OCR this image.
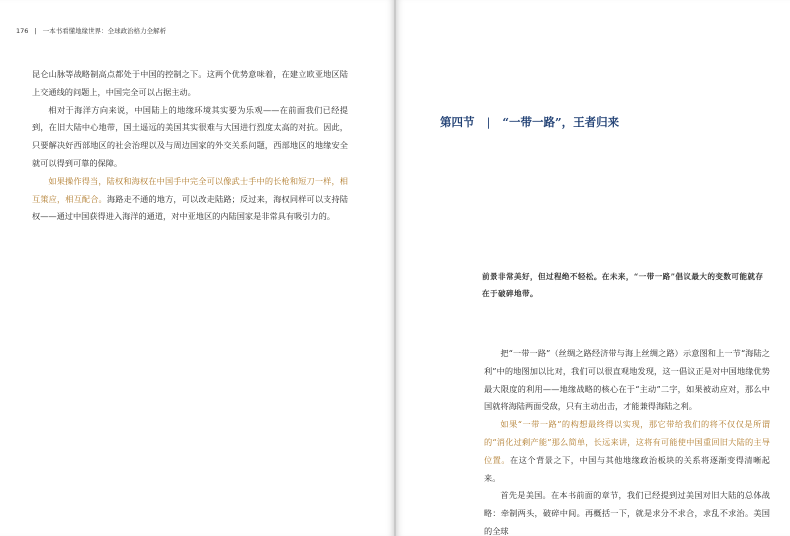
176 | 一本书看懂地缘世界：全球政治格力全解析

昆仑山脉等战略制高点都处于中国的控制之下。这两个优势意味着，在建立欧亚地区陆上交通线的问题上，中国完全可以占据主动。

相对于海洋方向来说，中国陆上的地缘环境其实要为乐观——在前面我们已经提到，在旧大陆中心地带，国土遥远的美国其实很难与大国进行烈度太高的对抗。因此，只要解决好西部地区的社会治理以及与周边国家的外交关系问题，西部地区的地缘安全就可以得到可靠的保障。

如果操作得当，陆权和海权在中国手中完全可以像武士手中的长枪和短刀一样，相互策应，相互配合。海路走不通的地方，可以改走陆路；反过来，海权同样可以支持陆权——通过中国获得进入海洋的通道，对中亚地区的内陆国家是非常具有吸引力的。

第四节 | “一带一路”，王者归来
前景非常美好，但过程绝不轻松。在未来，“一带一路”倡议最大的变数可能就存在于破碎地带。

把“一带一路”（丝绸之路经济带与海上丝绸之路）示意图和上一节“海陆之利”中的地图加以比对，我们可以很直观地发现，这一倡议正是对中国地缘优势最大限度的利用——地缘战略的核心在于“主动”二字，如果被动应对，那么中国就将海陆两面受敌，只有主动出击，才能兼得海陆之利。

如果“一带一路”的构想最终得以实现，那它带给我们的将不仅仅是所谓的“消化过剩产能”那么简单，长远来讲，这将有可能使中国重回旧大陆的主导位置。在这个背景之下，中国与其他地缘政治板块的关系将逐渐变得清晰起来。

首先是美国。在本书前面的章节，我们已经提到过美国对旧大陆的总体战略：牵制两头，破碎中间。再概括一下，就是求分不求合，求乱不求治。美国的全球
